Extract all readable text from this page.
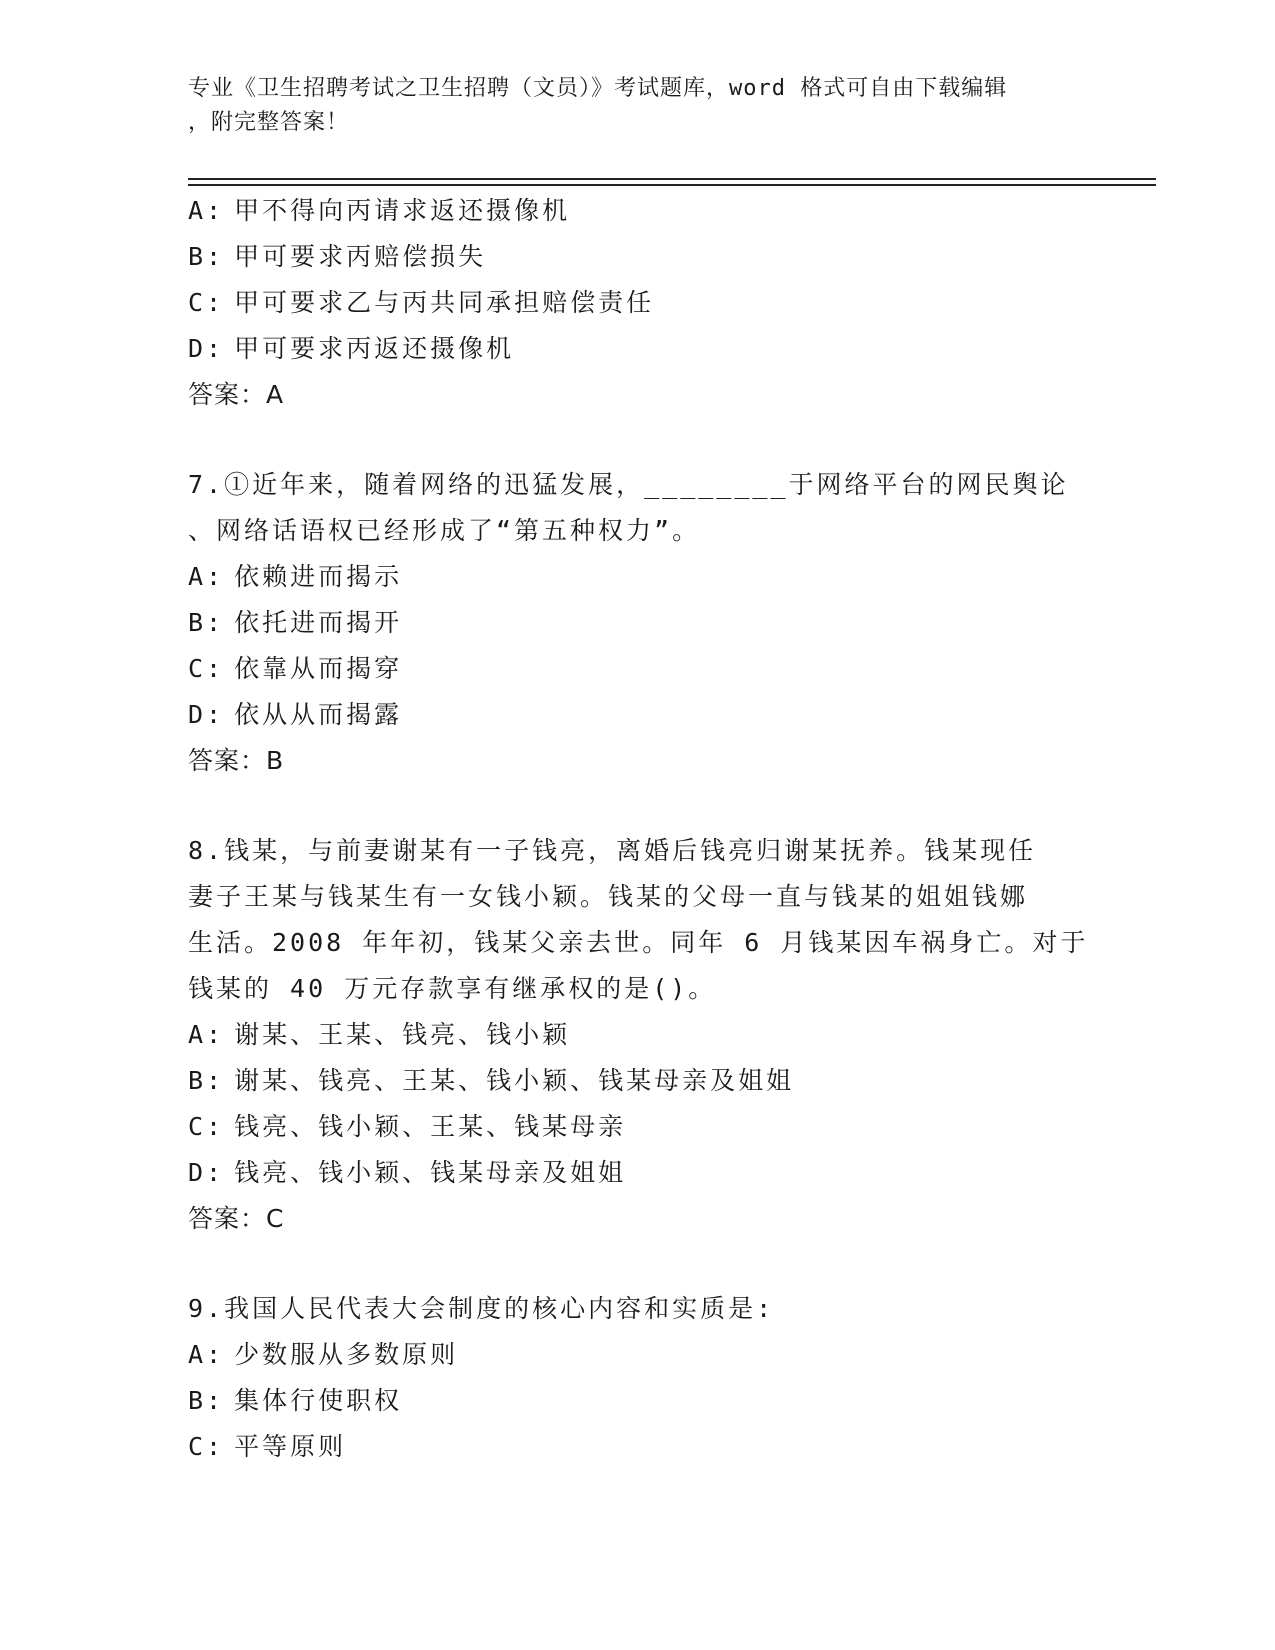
专业《卫生招聘考试之卫生招聘（文员）》考试题库，word 格式可自由下载编辑
，附完整答案！
A: 甲不得向丙请求返还摄像机
B: 甲可要求丙赔偿损失
C: 甲可要求乙与丙共同承担赔偿责任
D: 甲可要求丙返还摄像机
答案：A
7.①近年来，随着网络的迅猛发展，________于网络平台的网民舆论
、网络话语权已经形成了“第五种权力”。
A: 依赖进而揭示
B: 依托进而揭开
C: 依靠从而揭穿
D: 依从从而揭露
答案：B
8.钱某，与前妻谢某有一子钱亮，离婚后钱亮归谢某抚养。钱某现任
妻子王某与钱某生有一女钱小颖。钱某的父母一直与钱某的姐姐钱娜
生活。2008 年年初，钱某父亲去世。同年 6 月钱某因车祸身亡。对于
钱某的 40 万元存款享有继承权的是()。
A: 谢某、王某、钱亮、钱小颖
B: 谢某、钱亮、王某、钱小颖、钱某母亲及姐姐
C: 钱亮、钱小颖、王某、钱某母亲
D: 钱亮、钱小颖、钱某母亲及姐姐
答案：C
9.我国人民代表大会制度的核心内容和实质是:
A: 少数服从多数原则
B: 集体行使职权
C: 平等原则
